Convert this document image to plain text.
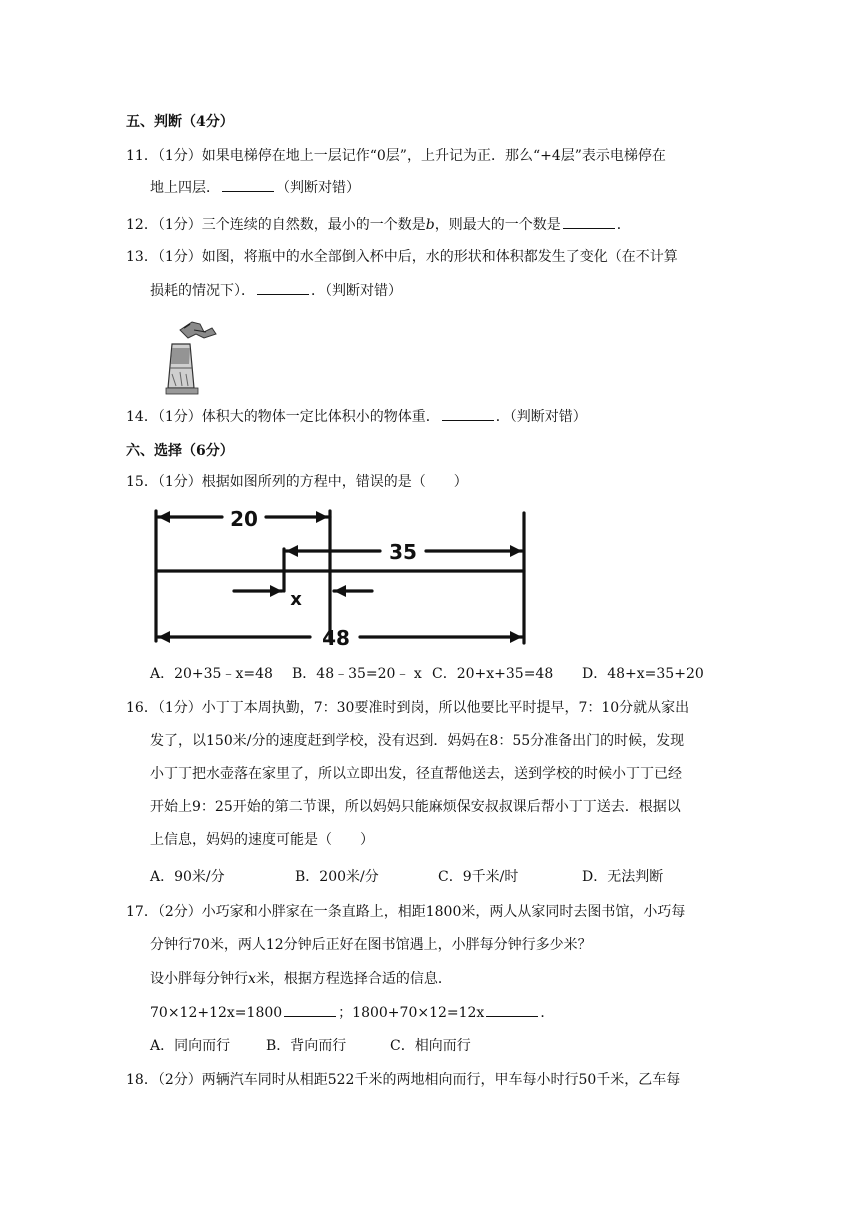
五、判断（4分）
11．（1分）如果电梯停在地上一层记作“0层”，上升记为正．那么“+4层”表示电梯停在
地上四层．	（判断对错）
12．（1分）三个连续的自然数，最小的一个数是b，则最大的一个数是	．
13．（1分）如图，将瓶中的水全部倒入杯中后，水的形状和体积都发生了变化（在不计算
损耗的情况下）．	．（判断对错）
14．（1分）体积大的物体一定比体积小的物体重．	．（判断对错）
六、选择（6分）
15．（1分）根据如图所列的方程中，错误的是（　　）
20
35
x
48
A．20+35﹣x=48 B．48﹣35=20﹣ x C．20+x+35=48 D．48+x=35+20
16．（1分）小丁丁本周执勤，7：30要准时到岗，所以他要比平时提早，7：10分就从家出
发了，以150米/分的速度赶到学校，没有迟到．妈妈在8：55分准备出门的时候，发现
小丁丁把水壶落在家里了，所以立即出发，径直帮他送去，送到学校的时候小丁丁已经
开始上9：25开始的第二节课，所以妈妈只能麻烦保安叔叔课后帮小丁丁送去．根据以
上信息，妈妈的速度可能是（　　）
A．90米/分	B．200米/分	C．9千米/时	D．无法判断
17．（2分）小巧家和小胖家在一条直路上，相距1800米，两人从家同时去图书馆，小巧每
分钟行70米，两人12分钟后正好在图书馆遇上，小胖每分钟行多少米？
设小胖每分钟行x米，根据方程选择合适的信息．
70×12+12x=1800	；1800+70×12=12x	．
A．同向而行	B．背向而行	C．相向而行
18．（2分）两辆汽车同时从相距522千米的两地相向而行，甲车每小时行50千米，乙车每
